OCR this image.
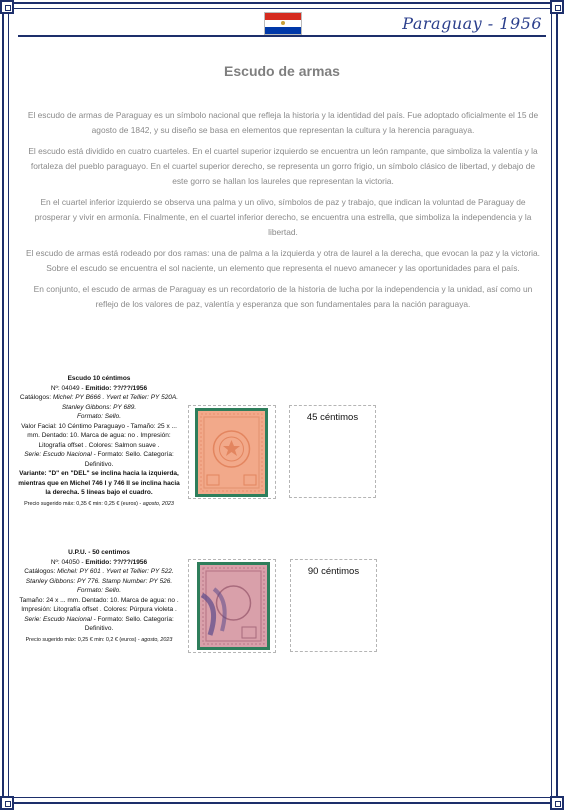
Paraguay - 1956
Escudo de armas

El escudo de armas de Paraguay es un símbolo nacional que refleja la historia y la identidad del país. Fue adoptado oficialmente el 15 de agosto de 1842, y su diseño se basa en elementos que representan la cultura y la herencia paraguaya.

El escudo está dividido en cuatro cuarteles. En el cuartel superior izquierdo se encuentra un león rampante, que simboliza la valentía y la fortaleza del pueblo paraguayo. En el cuartel superior derecho, se representa un gorro frigio, un símbolo clásico de libertad, y debajo de este gorro se hallan los laureles que representan la victoria.

En el cuartel inferior izquierdo se observa una palma y un olivo, símbolos de paz y trabajo, que indican la voluntad de Paraguay de prosperar y vivir en armonía. Finalmente, en el cuartel inferior derecho, se encuentra una estrella, que simboliza la independencia y la libertad.

El escudo de armas está rodeado por dos ramas: una de palma a la izquierda y otra de laurel a la derecha, que evocan la paz y la victoria. Sobre el escudo se encuentra el sol naciente, un elemento que representa el nuevo amanecer y las oportunidades para el país.

En conjunto, el escudo de armas de Paraguay es un recordatorio de la historia de lucha por la independencia y la unidad, así como un reflejo de los valores de paz, valentía y esperanza que son fundamentales para la nación paraguaya.

Escudo 10 céntimos
Nº: 04049 - Emitido: ??/??/1956
Catálogos: Michel: PY B666 . Yvert et Tellier: PY 520A. Stanley Gibbons: PY 689.
Formato: Sello.
Valor Facial: 10 Céntimo Paraguayo - Tamaño: 25 x ... mm. Dentado: 10. Marca de agua: no . Impresión: Litografía offset . Colores: Salmon suave .
Serie: Escudo Nacional - Formato: Sello. Categoría: Definitivo.
Variante: "D" en "DEL" se inclina hacia la izquierda, mientras que en Michel 746 I y 746 II se inclina hacia la derecha. 5 líneas bajo el cuadro.
Precio sugerido máx: 0,35 € min: 0,25 € (euros) - agosto, 2023
45 céntimos
U.P.U. - 50 centimos
Nº: 04050 - Emitido: ??/??/1956
Catálogos: Michel: PY 601 . Yvert et Tellier: PY 522. Stanley Gibbons: PY 776. Stamp Number: PY 526.
Formato: Sello.
Tamaño: 24 x ... mm. Dentado: 10. Marca de agua: no . Impresión: Litografía offset . Colores: Púrpura violeta .
Serie: Escudo Nacional - Formato: Sello. Categoría: Definitivo.
Precio sugerido máx: 0,25 € min: 0,2 € (euros) - agosto, 2023
90 céntimos
